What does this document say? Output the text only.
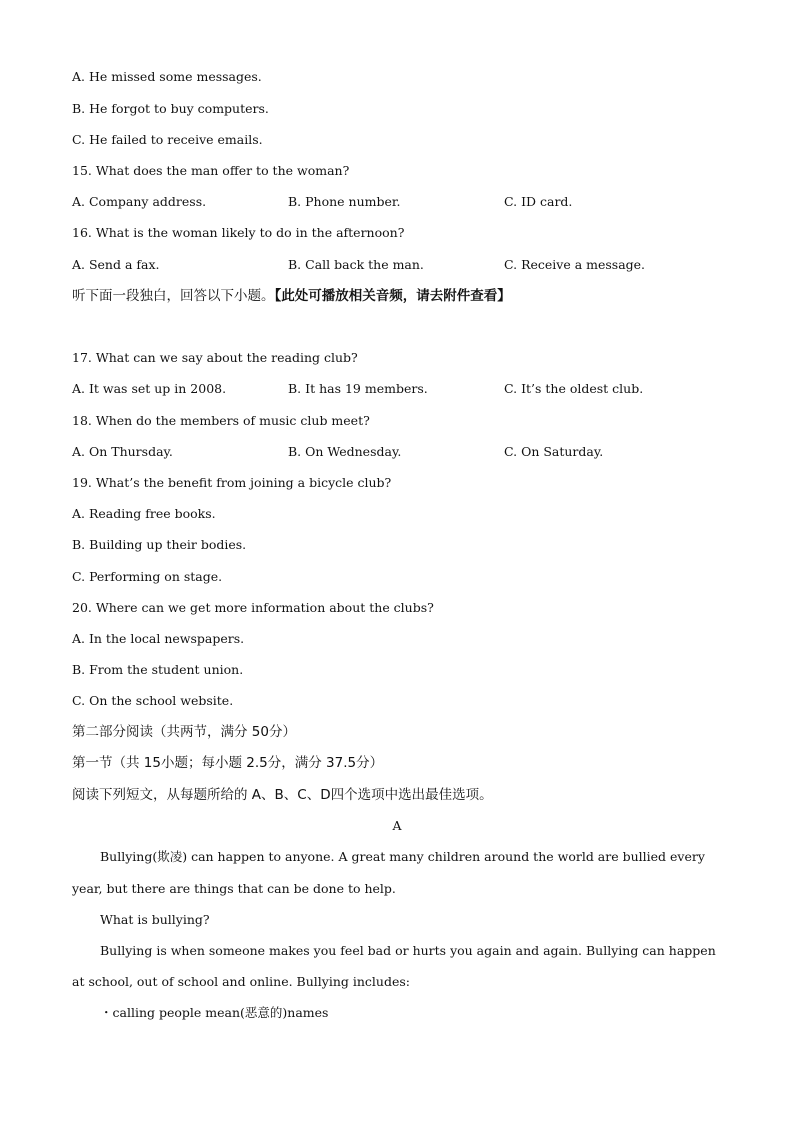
A. He missed some messages.
B. He forgot to buy computers.
C. He failed to receive emails.
15. What does the man offer to the woman?
A. Company address.	B. Phone number.	C. ID card.
16. What is the woman likely to do in the afternoon?
A. Send a fax.	B. Call back the man.	C. Receive a message.
听下面一段独白，回答以下小题。【此处可播放相关音频，请去附件查看】
17. What can we say about the reading club?
A. It was set up in 2008.	B. It has 19 members.	C. It’s the oldest club.
18. When do the members of music club meet?
A. On Thursday.	B. On Wednesday.	C. On Saturday.
19. What’s the benefit from joining a bicycle club?
A. Reading free books.
B. Building up their bodies.
C. Performing on stage.
20. Where can we get more information about the clubs?
A. In the local newspapers.
B. From the student union.
C. On the school website.
第二部分阅读（共两节，满分 50分）
第一节（共 15小题；每小题 2.5分，满分 37.5分）
阅读下列短文，从每题所给的 A、B、C、D四个选项中选出最佳选项。
A
Bullying(欺凌) can happen to anyone. A great many children around the world are bullied every
year, but there are things that can be done to help.
What is bullying?
Bullying is when someone makes you feel bad or hurts you again and again. Bullying can happen
at school, out of school and online. Bullying includes:
・calling people mean(恶意的)names
